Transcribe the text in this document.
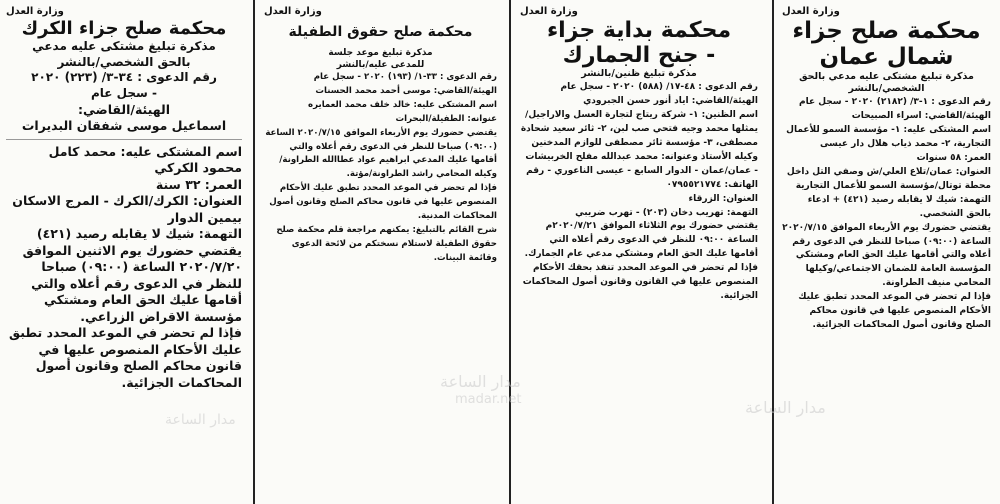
وزارة العدل
محكمة صلح جزاء
شمال عمان
مذكرة تبليغ مشتكى عليه مدعي بالحق
الشخصي/بالنشر

رقم الدعوى : ١-٣/ (٢١٨٢) ٢٠٢٠ - سجل عام

الهيئة/القاضي: اسراء الصبيحات

اسم المشتكى عليه: ١- مؤسسة السمو للأعمال التجارية، ٢- محمد ذياب هلال دار عيسى

العمر: ٥٨ سنوات

العنوان: عمان/تلاع العلي/ش وصفي التل داخل محطة توتال/مؤسسة السمو للأعمال التجارية

التهمة: شيك لا يقابله رصيد (٤٢١) + ادعاء بالحق الشخصي.

يقتضي حضورك يوم الأربعاء الموافق ٢٠٢٠/٧/١٥ الساعة (٠٩:٠٠) صباحا للنظر في الدعوى رقم أعلاه والتي أقامها عليك الحق العام ومشتكي المؤسسة العامة للضمان الاجتماعي/وكيلها المحامي منيف الطراونة.

فإذا لم تحضر في الموعد المحدد تطبق عليك الأحكام المنصوص عليها في قانون محاكم الصلح وقانون أصول المحاكمات الجزائية.

وزارة العدل
محكمة بداية جزاء
- جنح الجمارك
مذكرة تبليغ ظنين/بالنشر

رقم الدعوى : ٤٨-١٧/ (٥٨٨) ٢٠٢٠ - سجل عام

الهيئة/القاضي: اياد أنور حسن الجبرودي

اسم الظنين: ١- شركة ريتاج لتجارة العسل والاراجيل/يمثلها محمد وجيه فتحي صب لبن، ٢- ثائر سعيد شحادة مصطفى، ٣- مؤسسة ثائر مصطفى للوازم المدخنين وكيله الأستاذ وعنوانه: محمد عبدالله مفلح الخربيشات - عمان/عمان - الدوار السابع - عيسى الناعوري - رقم الهاتف: ٠٧٩٥٥٢١٧٧٤

العنوان: الزرقاء

التهمة: تهريب دخان (٢٠٣) - تهرب ضريبي

يقتضي حضورك يوم الثلاثاء الموافق ٢٠٢٠/٧/٢١م الساعة ٠٩:٠٠ للنظر في الدعوى رقم أعلاه التي أقامها عليك الحق العام ومشتكي مدعي عام الجمارك.

فإذا لم تحضر في الموعد المحدد تنفذ بحقك الأحكام المنصوص عليها في القانون وقانون أصول المحاكمات الجزائية.

وزارة العدل
محكمة صلح حقوق الطفيلة
مذكرة تبليغ موعد جلسة
للمدعى عليه/بالنشر

رقم الدعوى : ٣٣-١/ (١٩٣) ٢٠٢٠ - سجل عام

الهيئة/القاضي: موسى أحمد محمد الحسنات

اسم المشتكى عليه: خالد خلف محمد العمايره

عنوانه: الطفيلة/البحرات

يقتضي حضورك يوم الأربعاء الموافق ٢٠٢٠/٧/١٥ الساعة (٠٩:٠٠) صباحا للنظر في الدعوى رقم أعلاه والتي أقامها عليك المدعي ابراهيم عواد عطاالله الطراونة/وكيله المحامي راشد الطراونة/مؤتة.

فإذا لم تحضر في الموعد المحدد تطبق عليك الأحكام المنصوص عليها في قانون محاكم الصلح وقانون أصول المحاكمات المدنية.

شرح القائم بالتبليغ: يمكنهم مراجعة قلم محكمة صلح حقوق الطفيلة لاستلام نسختكم من لائحة الدعوى وقائمة البينات.

وزارة العدل
محكمة صلح جزاء الكرك
مذكرة تبليغ مشتكى عليه مدعي
بالحق الشخصي/بالنشر
رقم الدعوى : ٣٤-٣/ (٢٢٣) ٢٠٢٠
- سجل عام

الهيئة/القاضي:

اسماعيل موسى شفقان البديرات

اسم المشتكى عليه: محمد كامل محمود الكركي

العمر: ٣٢ سنة

العنوان: الكرك/الكرك - المرج الاسكان بيمين الدوار

التهمة: شيك لا يقابله رصيد (٤٢١) يقتضي حضورك يوم الاثنين الموافق ٢٠٢٠/٧/٢٠ الساعة (٠٩:٠٠) صباحا للنظر في الدعوى رقم أعلاه والتي أقامها عليك الحق العام ومشتكي مؤسسة الاقراض الزراعي.

فإذا لم تحضر في الموعد المحدد تطبق عليك الأحكام المنصوص عليها في قانون محاكم الصلح وقانون أصول المحاكمات الجزائية.	مدار الساعة
madar.net	مدار الساعة
مدار الساعة
